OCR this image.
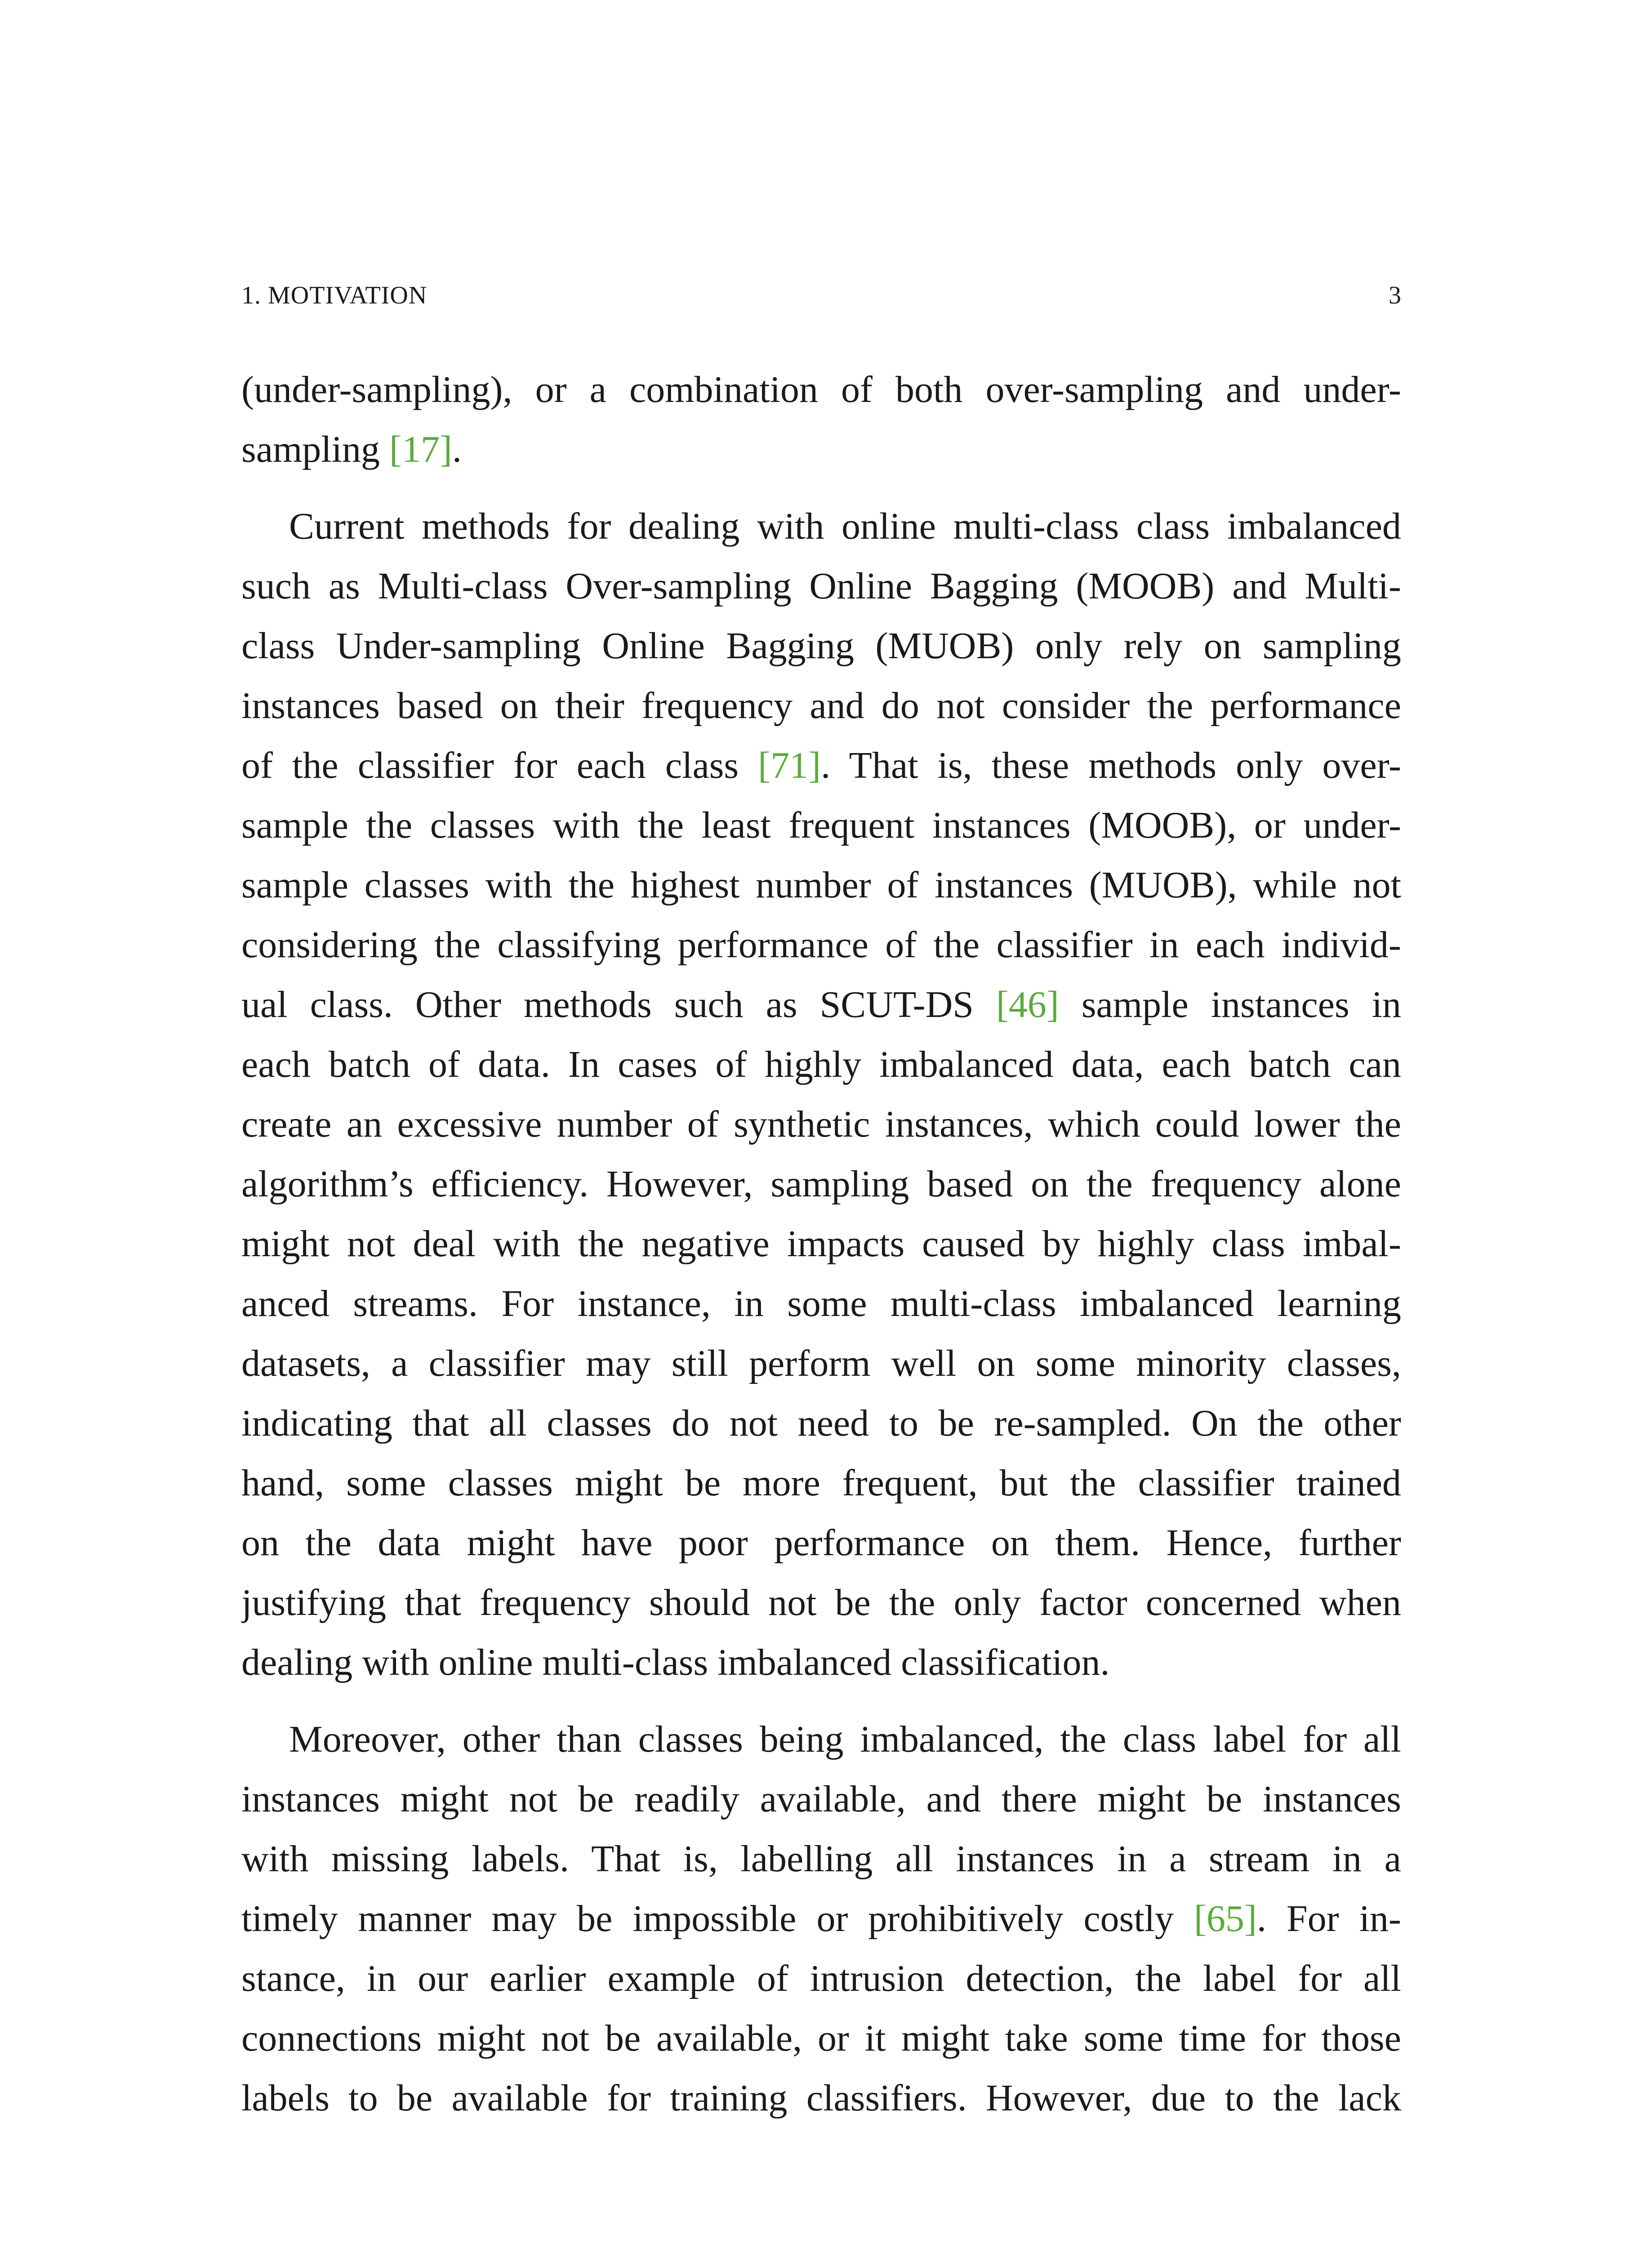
1. MOTIVATION	3
(under-sampling), or a combination of both over-sampling and under-
sampling [17].
Current methods for dealing with online multi-class class imbalanced
such as Multi-class Over-sampling Online Bagging (MOOB) and Multi-
class Under-sampling Online Bagging (MUOB) only rely on sampling
instances based on their frequency and do not consider the performance
of the classifier for each class [71]. That is, these methods only over-
sample the classes with the least frequent instances (MOOB), or under-
sample classes with the highest number of instances (MUOB), while not
considering the classifying performance of the classifier in each individ-
ual class. Other methods such as SCUT-DS [46] sample instances in
each batch of data. In cases of highly imbalanced data, each batch can
create an excessive number of synthetic instances, which could lower the
algorithm’s efficiency. However, sampling based on the frequency alone
might not deal with the negative impacts caused by highly class imbal-
anced streams. For instance, in some multi-class imbalanced learning
datasets, a classifier may still perform well on some minority classes,
indicating that all classes do not need to be re-sampled. On the other
hand, some classes might be more frequent, but the classifier trained
on the data might have poor performance on them. Hence, further
justifying that frequency should not be the only factor concerned when
dealing with online multi-class imbalanced classification.
Moreover, other than classes being imbalanced, the class label for all
instances might not be readily available, and there might be instances
with missing labels. That is, labelling all instances in a stream in a
timely manner may be impossible or prohibitively costly [65]. For in-
stance, in our earlier example of intrusion detection, the label for all
connections might not be available, or it might take some time for those
labels to be available for training classifiers. However, due to the lack
